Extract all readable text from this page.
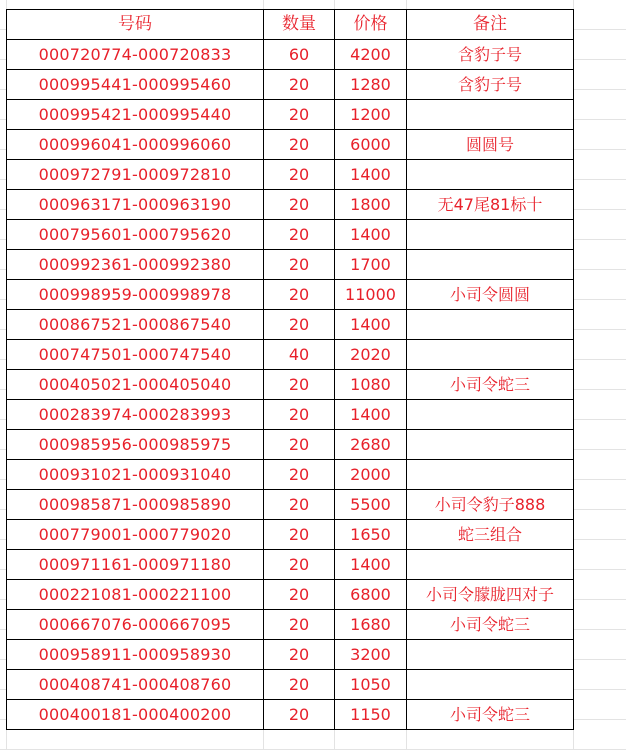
号码	数量	价格	备注
000720774-000720833	60	4200	含豹子号
000995441-000995460	20	1280	含豹子号
000995421-000995440	20	1200	
000996041-000996060	20	6000	圆圆号
000972791-000972810	20	1400	
000963171-000963190	20	1800	无47尾81标十
000795601-000795620	20	1400	
000992361-000992380	20	1700	
000998959-000998978	20	11000	小司令圆圆
000867521-000867540	20	1400	
000747501-000747540	40	2020	
000405021-000405040	20	1080	小司令蛇三
000283974-000283993	20	1400	
000985956-000985975	20	2680	
000931021-000931040	20	2000	
000985871-000985890	20	5500	小司令豹子888
000779001-000779020	20	1650	蛇三组合
000971161-000971180	20	1400	
000221081-000221100	20	6800	小司令朦胧四对子
000667076-000667095	20	1680	小司令蛇三
000958911-000958930	20	3200	
000408741-000408760	20	1050	
000400181-000400200	20	1150	小司令蛇三
